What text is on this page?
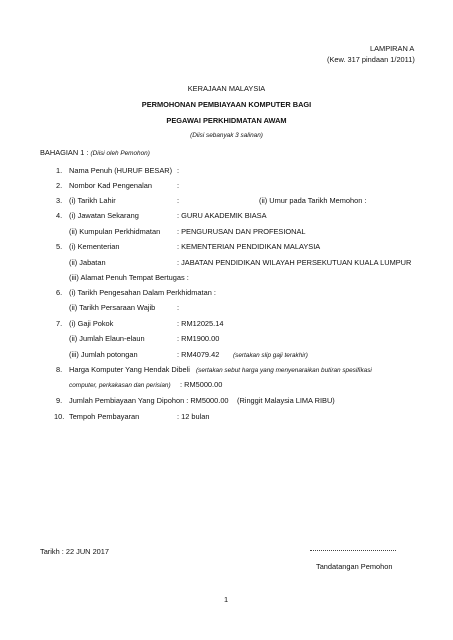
LAMPIRAN A
(Kew. 317 pindaan 1/2011)
KERAJAAN MALAYSIA
PERMOHONAN PEMBIAYAAN KOMPUTER BAGI
PEGAWAI PERKHIDMATAN AWAM
(Diisi sebanyak 3 salinan)
BAHAGIAN 1 : (Diisi oleh Pemohon)
1. Nama Penuh (HURUF BESAR) :
2. Nombor Kad Pengenalan	:
3. (i) Tarikh Lahir	:	(ii) Umur pada Tarikh Memohon :
4. (i) Jawatan Sekarang	: GURU AKADEMIK BIASA
(ii) Kumpulan Perkhidmatan : PENGURUSAN DAN PROFESIONAL
5. (i) Kementerian	: KEMENTERIAN PENDIDIKAN MALAYSIA
(ii) Jabatan	: JABATAN PENDIDIKAN WILAYAH PERSEKUTUAN KUALA LUMPUR
(iii) Alamat Penuh Tempat Bertugas :
6. (i) Tarikh Pengesahan Dalam Perkhidmatan :
(ii) Tarikh Persaraan Wajib	:
7. (i) Gaji Pokok	: RM12025.14
(ii) Jumlah Elaun-elaun	: RM1900.00
(iii) Jumlah potongan	: RM4079.42 (sertakan slip gaji terakhir)
8. Harga Komputer Yang Hendak Dibeli (sertakan sebut harga yang menyenaraikan butiran spesifikasi
computer, perkakasan dan perisian) : RM5000.00
9. Jumlah Pembiayaan Yang Dipohon : RM5000.00 (Ringgit Malaysia LIMA RIBU)
10. Tempoh Pembayaran	: 12 bulan
Tarikh : 22 JUN 2017
Tandatangan Pemohon
1
